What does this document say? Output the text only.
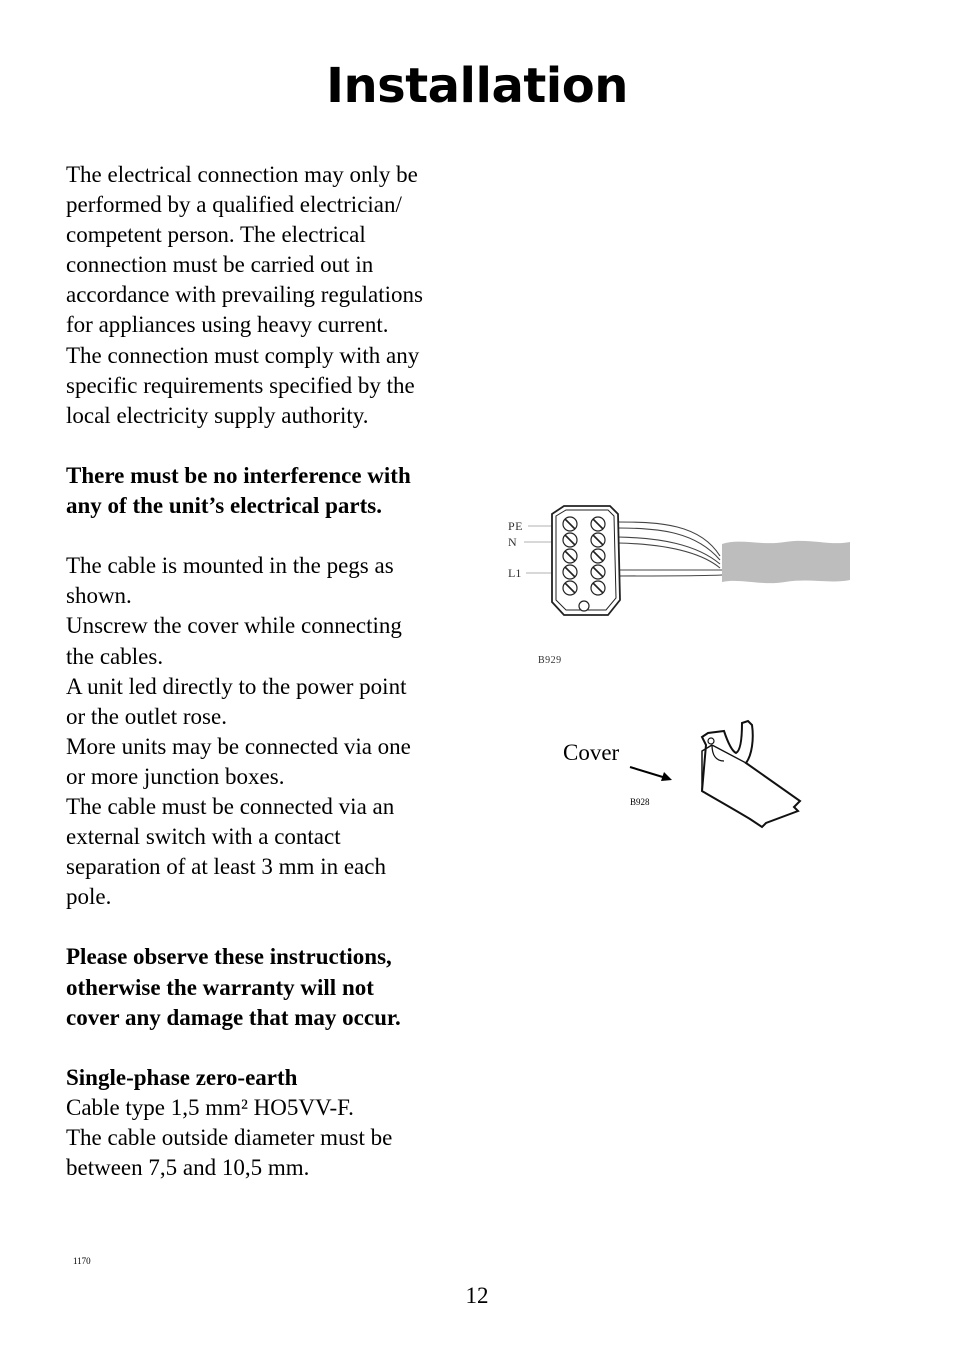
Installation

The electrical connection may only be

performed by a qualified electrician/

competent person. The electrical

connection must be carried out in

accordance with prevailing regulations

for appliances using heavy current.

The connection must comply with any

specific requirements specified by the

local electricity supply authority.

There must be no interference with

any of the unit’s electrical parts.

The cable is mounted in the pegs as

shown.

Unscrew the cover while connecting

the cables.

A unit led directly to the power point

or the outlet rose.

More units may be connected via one

or more junction boxes.

The cable must be connected via an

external switch with a contact

separation of at least 3 mm in each

pole.

Please observe these instructions,

otherwise the warranty will not

cover any damage that may occur.

Single-phase zero-earth

Cable type 1,5 mm² HO5VV-F.

The cable outside diameter must be

between 7,5 and 10,5 mm.

PE
N
L1
B929
Cover
B928
1170
12
